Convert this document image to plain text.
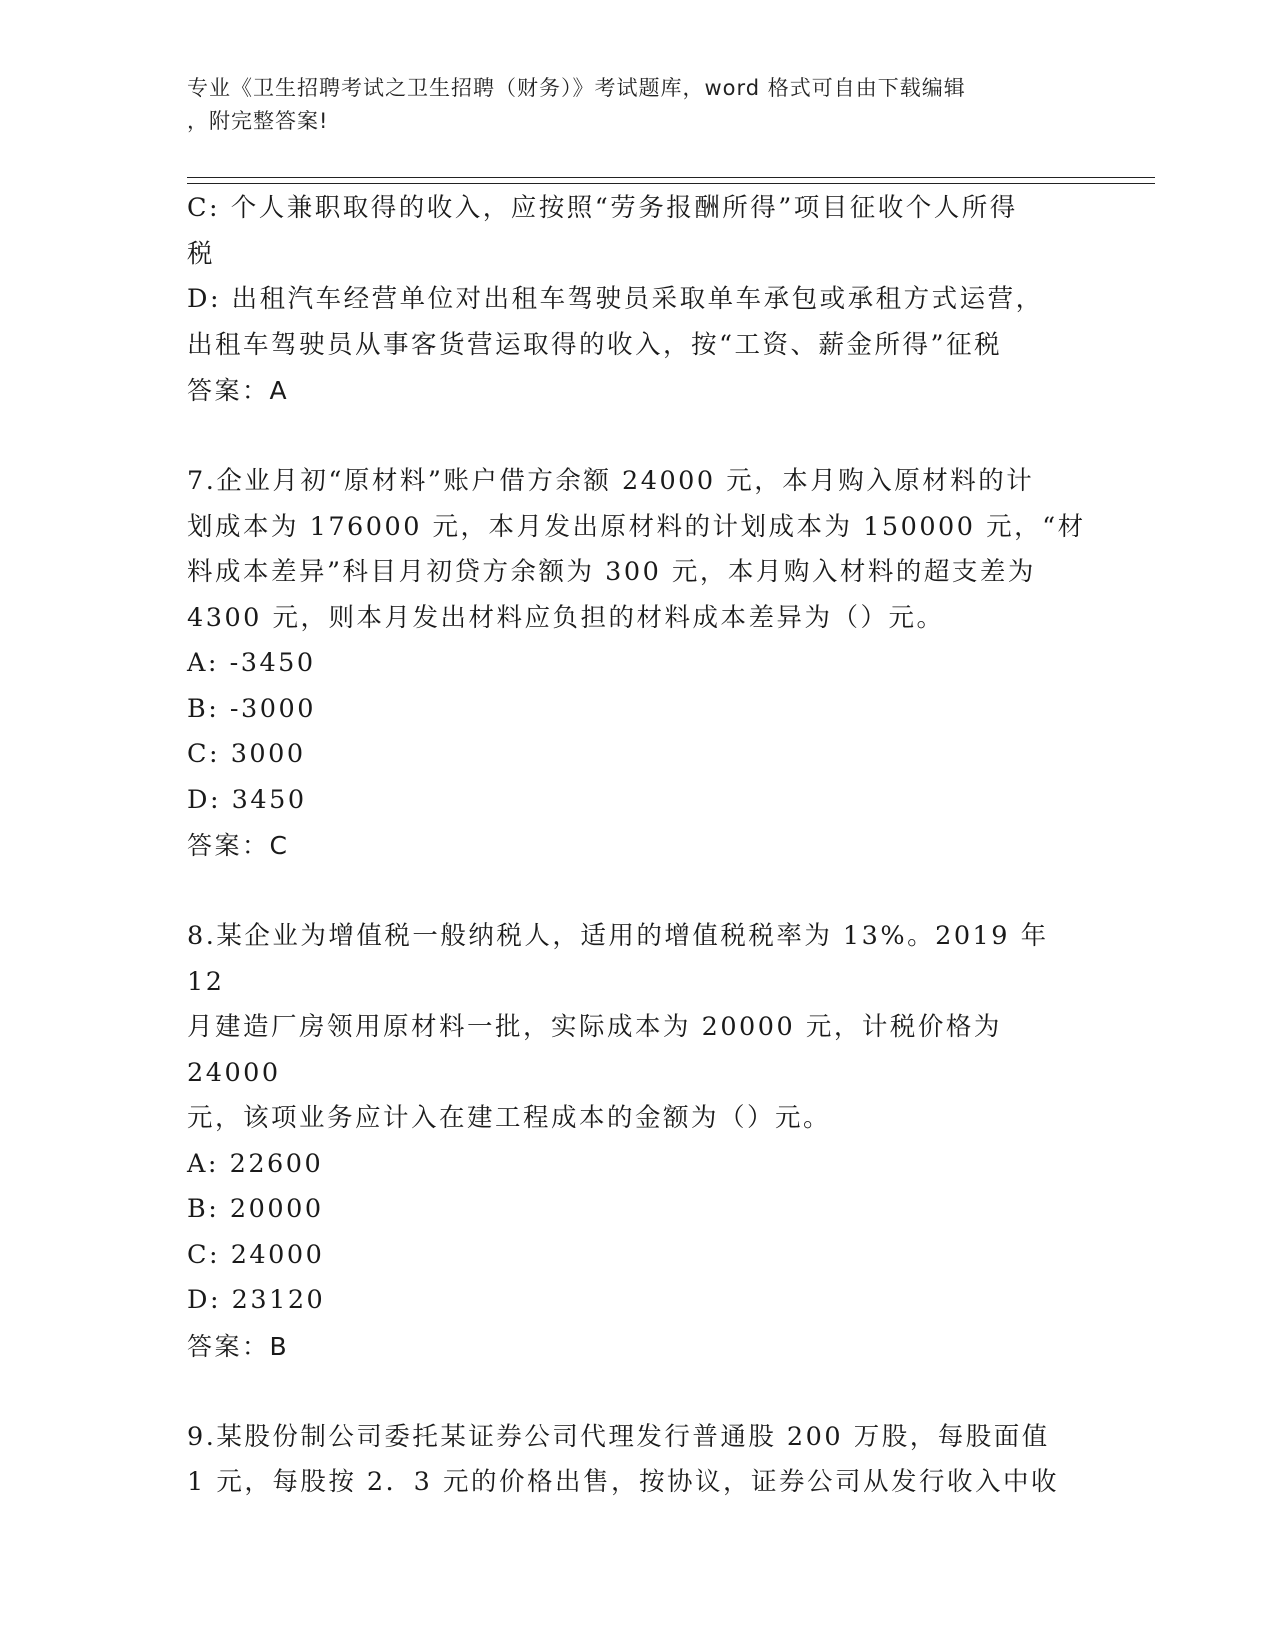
专业《卫生招聘考试之卫生招聘（财务）》考试题库，word 格式可自由下载编辑
，附完整答案!

C: 个人兼职取得的收入，应按照“劳务报酬所得”项目征收个人所得

税

D: 出租汽车经营单位对出租车驾驶员采取单车承包或承租方式运营，

出租车驾驶员从事客货营运取得的收入，按“工资、薪金所得”征税

答案：A

7.企业月初“原材料”账户借方余额 24000 元，本月购入原材料的计

划成本为 176000 元，本月发出原材料的计划成本为 150000 元，“材

料成本差异”科目月初贷方余额为 300 元，本月购入材料的超支差为

4300 元，则本月发出材料应负担的材料成本差异为（）元。

A: -3450

B: -3000

C: 3000

D: 3450

答案：C

8.某企业为增值税一般纳税人，适用的增值税税率为 13%。2019 年 12

月建造厂房领用原材料一批，实际成本为 20000 元，计税价格为 24000

元，该项业务应计入在建工程成本的金额为（）元。

A: 22600

B: 20000

C: 24000

D: 23120

答案：B

9.某股份制公司委托某证券公司代理发行普通股 200 万股，每股面值

1 元，每股按 2．3 元的价格出售，按协议，证券公司从发行收入中收
